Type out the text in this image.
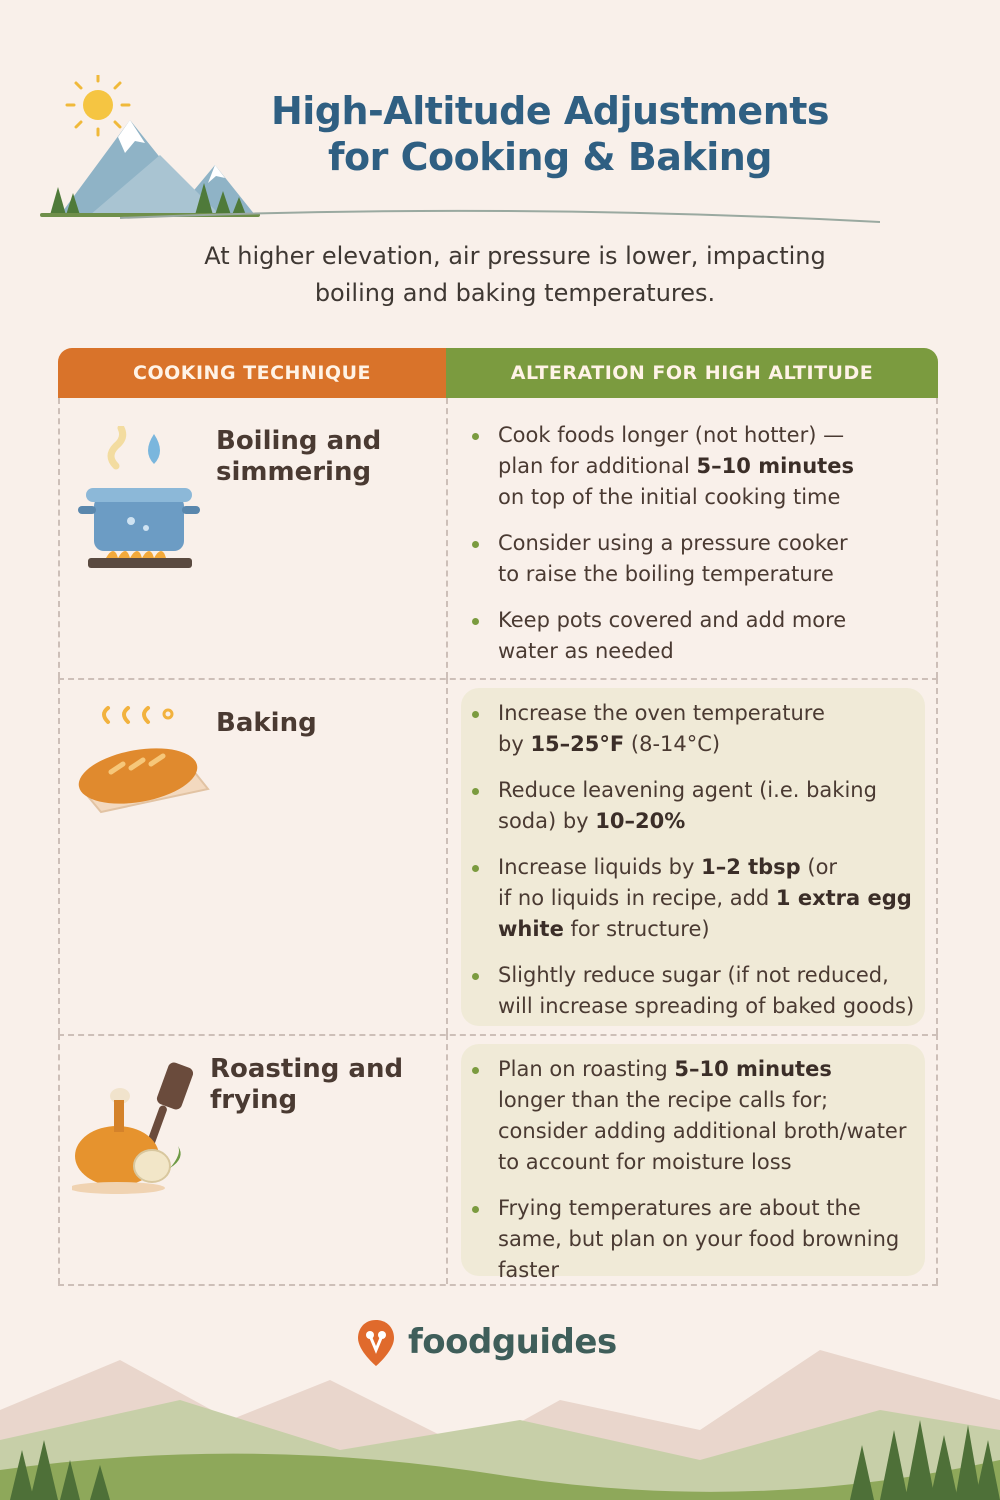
High-Altitude Adjustments
for Cooking & Baking

At higher elevation, air pressure is lower, impacting
boiling and baking temperatures.

COOKING TECHNIQUE	ALTERATION FOR HIGH ALTITUDE

Boiling and
simmering

Cook foods longer (not hotter) —
plan for additional 5–10 minutes
on top of the initial cooking time
Consider using a pressure cooker
to raise the boiling temperature
Keep pots covered and add more
water as needed

Baking	Increase the oven temperature
by 15–25°F (8-14°C)
Reduce leavening agent (i.e. baking
soda) by 10–20%
Increase liquids by 1–2 tbsp (or
if no liquids in recipe, add 1 extra egg
white for structure)
Slightly reduce sugar (if not reduced,
will increase spreading of baked goods)

Roasting and
frying

Plan on roasting 5–10 minutes
longer than the recipe calls for;
consider adding additional broth/water
to account for moisture loss
Frying temperatures are about the
same, but plan on your food browning
faster
foodguides
